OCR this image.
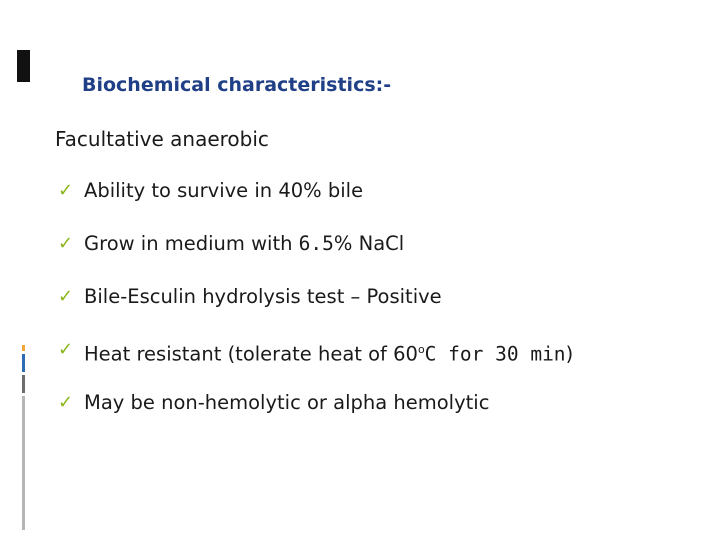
Biochemical characteristics:-
Facultative anaerobic
✓ Ability to survive in 40% bile
✓ Grow in medium with 6.5% NaCl
✓ Bile-Esculin hydrolysis test – Positive
✓ Heat resistant (tolerate heat of 60$^o$C for 30 min)
✓ May be non-hemolytic or alpha hemolytic
